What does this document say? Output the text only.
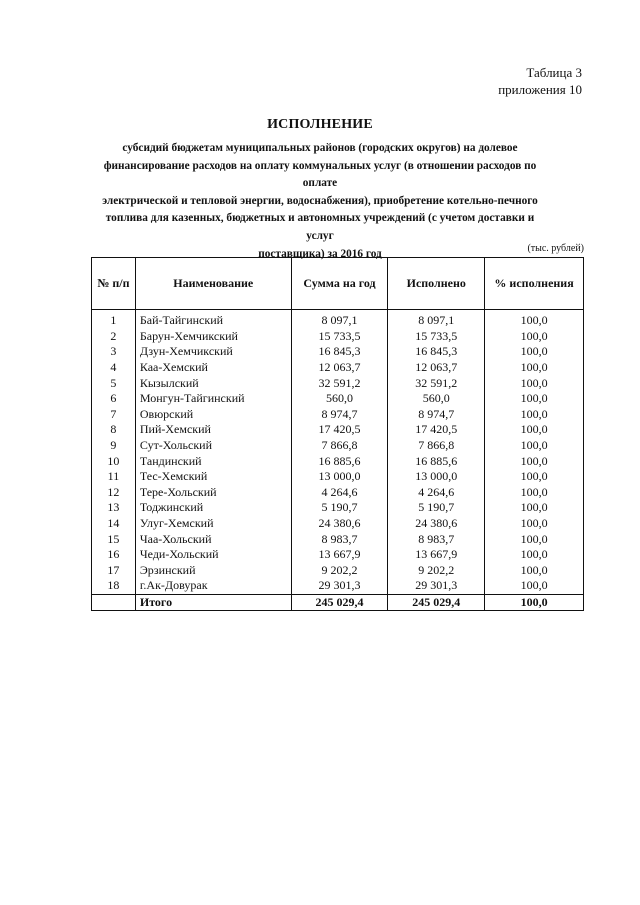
Таблица 3
приложения 10
ИСПОЛНЕНИЕ
субсидий бюджетам муниципальных районов (городских округов) на долевое
финансирование расходов на оплату коммунальных услуг (в отношении расходов по оплате
электрической и тепловой энергии, водоснабжения), приобретение котельно-печного
топлива для казенных, бюджетных и автономных учреждений (с учетом доставки и услуг
поставщика) за 2016 год	(тыс. рублей)
№ п/п	Наименование	Сумма на год	Исполнено	% исполнения
1	Бай-Тайгинский	8 097,1	8 097,1	100,0
2	Барун-Хемчикский	15 733,5	15 733,5	100,0
3	Дзун-Хемчикский	16 845,3	16 845,3	100,0
4	Каа-Хемский	12 063,7	12 063,7	100,0
5	Кызылский	32 591,2	32 591,2	100,0
6	Монгун-Тайгинский	560,0	560,0	100,0
7	Овюрский	8 974,7	8 974,7	100,0
8	Пий-Хемский	17 420,5	17 420,5	100,0
9	Сут-Хольский	7 866,8	7 866,8	100,0
10	Тандинский	16 885,6	16 885,6	100,0
11	Тес-Хемский	13 000,0	13 000,0	100,0
12	Тере-Хольский	4 264,6	4 264,6	100,0
13	Тоджинский	5 190,7	5 190,7	100,0
14	Улуг-Хемский	24 380,6	24 380,6	100,0
15	Чаа-Хольский	8 983,7	8 983,7	100,0
16	Чеди-Хольский	13 667,9	13 667,9	100,0
17	Эрзинский	9 202,2	9 202,2	100,0
18	г.Ак-Довурак	29 301,3	29 301,3	100,0
	Итого	245 029,4	245 029,4	100,0
